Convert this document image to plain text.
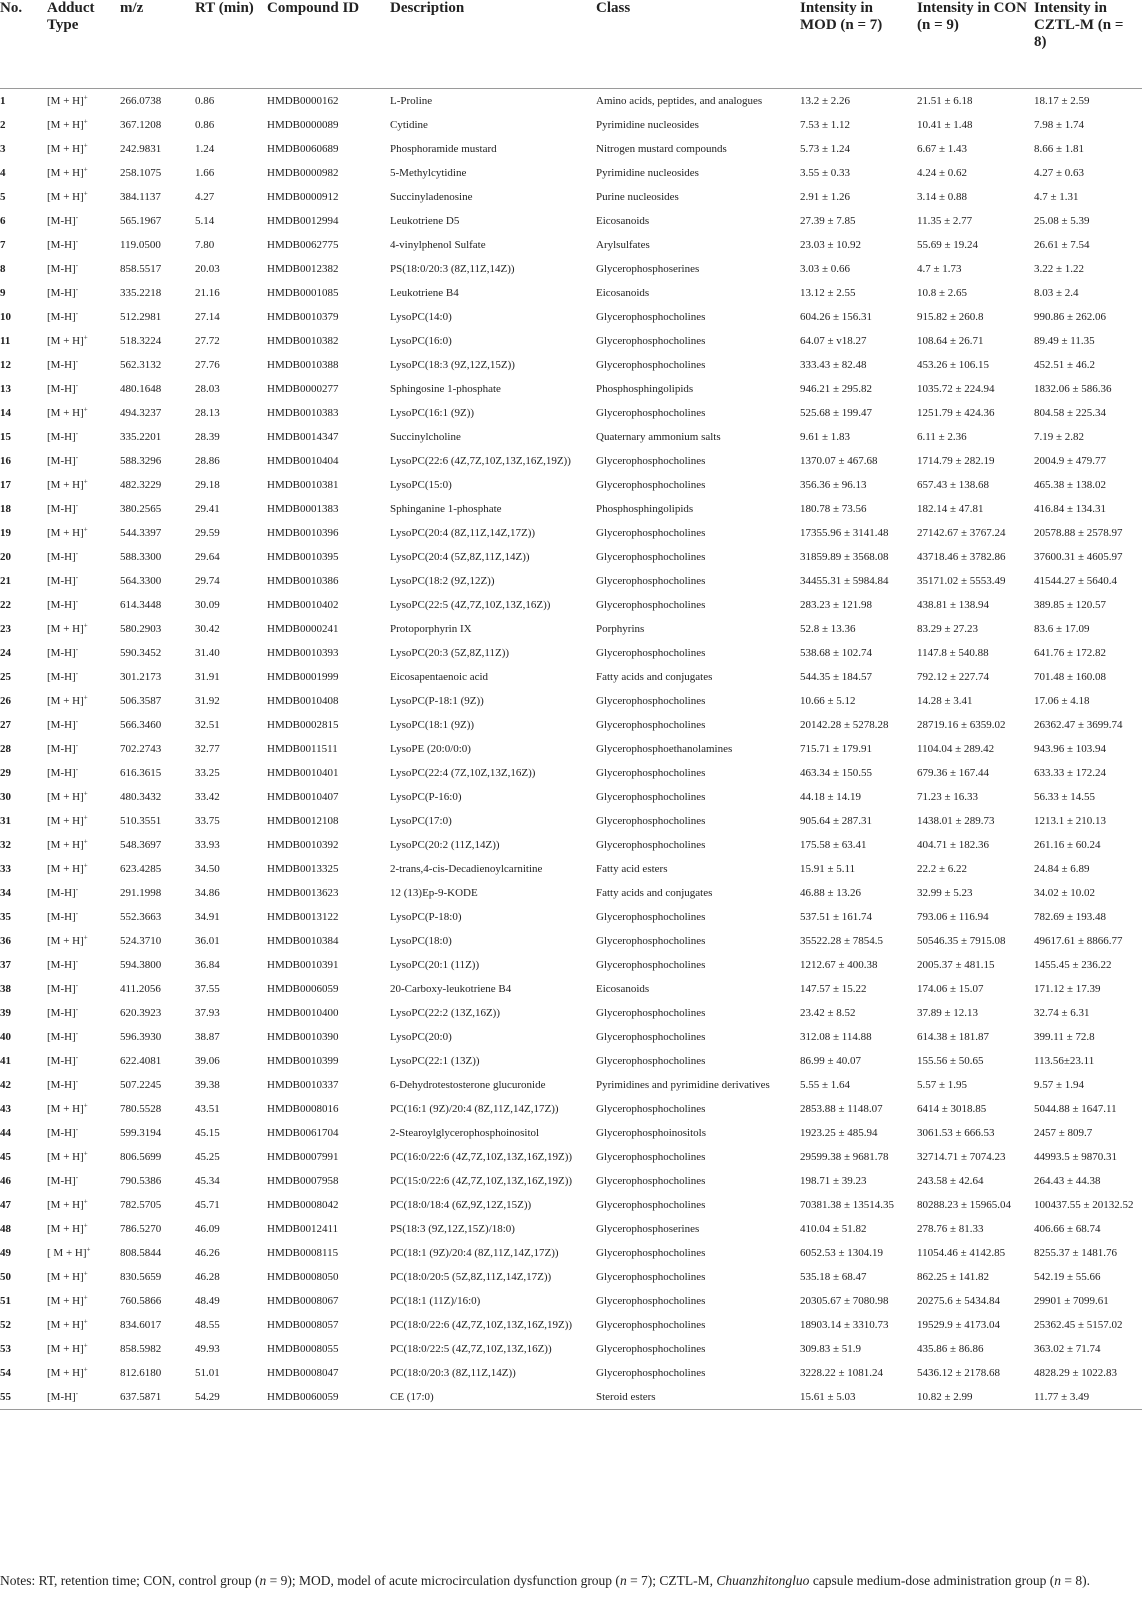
No.	Adduct Type	m/z	RT (min)	Compound ID	Description	Class	Intensity in MOD (n = 7)	Intensity in CON (n = 9)	Intensity in CZTL-M (n = 8)
1	[M + H]+	266.0738	0.86	HMDB0000162	L-Proline	Amino acids, peptides, and analogues	13.2 ± 2.26	21.51 ± 6.18	18.17 ± 2.59
2	[M + H]+	367.1208	0.86	HMDB0000089	Cytidine	Pyrimidine nucleosides	7.53 ± 1.12	10.41 ± 1.48	7.98 ± 1.74
3	[M + H]+	242.9831	1.24	HMDB0060689	Phosphoramide mustard	Nitrogen mustard compounds	5.73 ± 1.24	6.67 ± 1.43	8.66 ± 1.81
4	[M + H]+	258.1075	1.66	HMDB0000982	5-Methylcytidine	Pyrimidine nucleosides	3.55 ± 0.33	4.24 ± 0.62	4.27 ± 0.63
5	[M + H]+	384.1137	4.27	HMDB0000912	Succinyladenosine	Purine nucleosides	2.91 ± 1.26	3.14 ± 0.88	4.7 ± 1.31
6	[M-H]-	565.1967	5.14	HMDB0012994	Leukotriene D5	Eicosanoids	27.39 ± 7.85	11.35 ± 2.77	25.08 ± 5.39
7	[M-H]-	119.0500	7.80	HMDB0062775	4-vinylphenol Sulfate	Arylsulfates	23.03 ± 10.92	55.69 ± 19.24	26.61 ± 7.54
8	[M-H]-	858.5517	20.03	HMDB0012382	PS(18:0/20:3 (8Z,11Z,14Z))	Glycerophosphoserines	3.03 ± 0.66	4.7 ± 1.73	3.22 ± 1.22
9	[M-H]-	335.2218	21.16	HMDB0001085	Leukotriene B4	Eicosanoids	13.12 ± 2.55	10.8 ± 2.65	8.03 ± 2.4
10	[M-H]-	512.2981	27.14	HMDB0010379	LysoPC(14:0)	Glycerophosphocholines	604.26 ± 156.31	915.82 ± 260.8	990.86 ± 262.06
11	[M + H]+	518.3224	27.72	HMDB0010382	LysoPC(16:0)	Glycerophosphocholines	64.07 ± v18.27	108.64 ± 26.71	89.49 ± 11.35
12	[M-H]-	562.3132	27.76	HMDB0010388	LysoPC(18:3 (9Z,12Z,15Z))	Glycerophosphocholines	333.43 ± 82.48	453.26 ± 106.15	452.51 ± 46.2
13	[M-H]-	480.1648	28.03	HMDB0000277	Sphingosine 1-phosphate	Phosphosphingolipids	946.21 ± 295.82	1035.72 ± 224.94	1832.06 ± 586.36
14	[M + H]+	494.3237	28.13	HMDB0010383	LysoPC(16:1 (9Z))	Glycerophosphocholines	525.68 ± 199.47	1251.79 ± 424.36	804.58 ± 225.34
15	[M-H]-	335.2201	28.39	HMDB0014347	Succinylcholine	Quaternary ammonium salts	9.61 ± 1.83	6.11 ± 2.36	7.19 ± 2.82
16	[M-H]-	588.3296	28.86	HMDB0010404	LysoPC(22:6 (4Z,7Z,10Z,13Z,16Z,19Z))	Glycerophosphocholines	1370.07 ± 467.68	1714.79 ± 282.19	2004.9 ± 479.77
17	[M + H]+	482.3229	29.18	HMDB0010381	LysoPC(15:0)	Glycerophosphocholines	356.36 ± 96.13	657.43 ± 138.68	465.38 ± 138.02
18	[M-H]-	380.2565	29.41	HMDB0001383	Sphinganine 1-phosphate	Phosphosphingolipids	180.78 ± 73.56	182.14 ± 47.81	416.84 ± 134.31
19	[M + H]+	544.3397	29.59	HMDB0010396	LysoPC(20:4 (8Z,11Z,14Z,17Z))	Glycerophosphocholines	17355.96 ± 3141.48	27142.67 ± 3767.24	20578.88 ± 2578.97
20	[M-H]-	588.3300	29.64	HMDB0010395	LysoPC(20:4 (5Z,8Z,11Z,14Z))	Glycerophosphocholines	31859.89 ± 3568.08	43718.46 ± 3782.86	37600.31 ± 4605.97
21	[M-H]-	564.3300	29.74	HMDB0010386	LysoPC(18:2 (9Z,12Z))	Glycerophosphocholines	34455.31 ± 5984.84	35171.02 ± 5553.49	41544.27 ± 5640.4
22	[M-H]-	614.3448	30.09	HMDB0010402	LysoPC(22:5 (4Z,7Z,10Z,13Z,16Z))	Glycerophosphocholines	283.23 ± 121.98	438.81 ± 138.94	389.85 ± 120.57
23	[M + H]+	580.2903	30.42	HMDB0000241	Protoporphyrin IX	Porphyrins	52.8 ± 13.36	83.29 ± 27.23	83.6 ± 17.09
24	[M-H]-	590.3452	31.40	HMDB0010393	LysoPC(20:3 (5Z,8Z,11Z))	Glycerophosphocholines	538.68 ± 102.74	1147.8 ± 540.88	641.76 ± 172.82
25	[M-H]-	301.2173	31.91	HMDB0001999	Eicosapentaenoic acid	Fatty acids and conjugates	544.35 ± 184.57	792.12 ± 227.74	701.48 ± 160.08
26	[M + H]+	506.3587	31.92	HMDB0010408	LysoPC(P-18:1 (9Z))	Glycerophosphocholines	10.66 ± 5.12	14.28 ± 3.41	17.06 ± 4.18
27	[M-H]-	566.3460	32.51	HMDB0002815	LysoPC(18:1 (9Z))	Glycerophosphocholines	20142.28 ± 5278.28	28719.16 ± 6359.02	26362.47 ± 3699.74
28	[M-H]-	702.2743	32.77	HMDB0011511	LysoPE (20:0/0:0)	Glycerophosphoethanolamines	715.71 ± 179.91	1104.04 ± 289.42	943.96 ± 103.94
29	[M-H]-	616.3615	33.25	HMDB0010401	LysoPC(22:4 (7Z,10Z,13Z,16Z))	Glycerophosphocholines	463.34 ± 150.55	679.36 ± 167.44	633.33 ± 172.24
30	[M + H]+	480.3432	33.42	HMDB0010407	LysoPC(P-16:0)	Glycerophosphocholines	44.18 ± 14.19	71.23 ± 16.33	56.33 ± 14.55
31	[M + H]+	510.3551	33.75	HMDB0012108	LysoPC(17:0)	Glycerophosphocholines	905.64 ± 287.31	1438.01 ± 289.73	1213.1 ± 210.13
32	[M + H]+	548.3697	33.93	HMDB0010392	LysoPC(20:2 (11Z,14Z))	Glycerophosphocholines	175.58 ± 63.41	404.71 ± 182.36	261.16 ± 60.24
33	[M + H]+	623.4285	34.50	HMDB0013325	2-trans,4-cis-Decadienoylcarnitine	Fatty acid esters	15.91 ± 5.11	22.2 ± 6.22	24.84 ± 6.89
34	[M-H]-	291.1998	34.86	HMDB0013623	12 (13)Ep-9-KODE	Fatty acids and conjugates	46.88 ± 13.26	32.99 ± 5.23	34.02 ± 10.02
35	[M-H]-	552.3663	34.91	HMDB0013122	LysoPC(P-18:0)	Glycerophosphocholines	537.51 ± 161.74	793.06 ± 116.94	782.69 ± 193.48
36	[M + H]+	524.3710	36.01	HMDB0010384	LysoPC(18:0)	Glycerophosphocholines	35522.28 ± 7854.5	50546.35 ± 7915.08	49617.61 ± 8866.77
37	[M-H]-	594.3800	36.84	HMDB0010391	LysoPC(20:1 (11Z))	Glycerophosphocholines	1212.67 ± 400.38	2005.37 ± 481.15	1455.45 ± 236.22
38	[M-H]-	411.2056	37.55	HMDB0006059	20-Carboxy-leukotriene B4	Eicosanoids	147.57 ± 15.22	174.06 ± 15.07	171.12 ± 17.39
39	[M-H]-	620.3923	37.93	HMDB0010400	LysoPC(22:2 (13Z,16Z))	Glycerophosphocholines	23.42 ± 8.52	37.89 ± 12.13	32.74 ± 6.31
40	[M-H]-	596.3930	38.87	HMDB0010390	LysoPC(20:0)	Glycerophosphocholines	312.08 ± 114.88	614.38 ± 181.87	399.11 ± 72.8
41	[M-H]-	622.4081	39.06	HMDB0010399	LysoPC(22:1 (13Z))	Glycerophosphocholines	86.99 ± 40.07	155.56 ± 50.65	113.56±23.11
42	[M-H]-	507.2245	39.38	HMDB0010337	6-Dehydrotestosterone glucuronide	Pyrimidines and pyrimidine derivatives	5.55 ± 1.64	5.57 ± 1.95	9.57 ± 1.94
43	[M + H]+	780.5528	43.51	HMDB0008016	PC(16:1 (9Z)/20:4 (8Z,11Z,14Z,17Z))	Glycerophosphocholines	2853.88 ± 1148.07	6414 ± 3018.85	5044.88 ± 1647.11
44	[M-H]-	599.3194	45.15	HMDB0061704	2-Stearoylglycerophosphoinositol	Glycerophosphoinositols	1923.25 ± 485.94	3061.53 ± 666.53	2457 ± 809.7
45	[M + H]+	806.5699	45.25	HMDB0007991	PC(16:0/22:6 (4Z,7Z,10Z,13Z,16Z,19Z))	Glycerophosphocholines	29599.38 ± 9681.78	32714.71 ± 7074.23	44993.5 ± 9870.31
46	[M-H]-	790.5386	45.34	HMDB0007958	PC(15:0/22:6 (4Z,7Z,10Z,13Z,16Z,19Z))	Glycerophosphocholines	198.71 ± 39.23	243.58 ± 42.64	264.43 ± 44.38
47	[M + H]+	782.5705	45.71	HMDB0008042	PC(18:0/18:4 (6Z,9Z,12Z,15Z))	Glycerophosphocholines	70381.38 ± 13514.35	80288.23 ± 15965.04	100437.55 ± 20132.52
48	[M + H]+	786.5270	46.09	HMDB0012411	PS(18:3 (9Z,12Z,15Z)/18:0)	Glycerophosphoserines	410.04 ± 51.82	278.76 ± 81.33	406.66 ± 68.74
49	[ M + H]+	808.5844	46.26	HMDB0008115	PC(18:1 (9Z)/20:4 (8Z,11Z,14Z,17Z))	Glycerophosphocholines	6052.53 ± 1304.19	11054.46 ± 4142.85	8255.37 ± 1481.76
50	[M + H]+	830.5659	46.28	HMDB0008050	PC(18:0/20:5 (5Z,8Z,11Z,14Z,17Z))	Glycerophosphocholines	535.18 ± 68.47	862.25 ± 141.82	542.19 ± 55.66
51	[M + H]+	760.5866	48.49	HMDB0008067	PC(18:1 (11Z)/16:0)	Glycerophosphocholines	20305.67 ± 7080.98	20275.6 ± 5434.84	29901 ± 7099.61
52	[M + H]+	834.6017	48.55	HMDB0008057	PC(18:0/22:6 (4Z,7Z,10Z,13Z,16Z,19Z))	Glycerophosphocholines	18903.14 ± 3310.73	19529.9 ± 4173.04	25362.45 ± 5157.02
53	[M + H]+	858.5982	49.93	HMDB0008055	PC(18:0/22:5 (4Z,7Z,10Z,13Z,16Z))	Glycerophosphocholines	309.83 ± 51.9	435.86 ± 86.86	363.02 ± 71.74
54	[M + H]+	812.6180	51.01	HMDB0008047	PC(18:0/20:3 (8Z,11Z,14Z))	Glycerophosphocholines	3228.22 ± 1081.24	5436.12 ± 2178.68	4828.29 ± 1022.83
55	[M-H]-	637.5871	54.29	HMDB0060059	CE (17:0)	Steroid esters	15.61 ± 5.03	10.82 ± 2.99	11.77 ± 3.49
Notes: RT, retention time; CON, control group (n = 9); MOD, model of acute microcirculation dysfunction group (n = 7); CZTL-M, Chuanzhitongluo capsule medium-dose administration group (n = 8).
